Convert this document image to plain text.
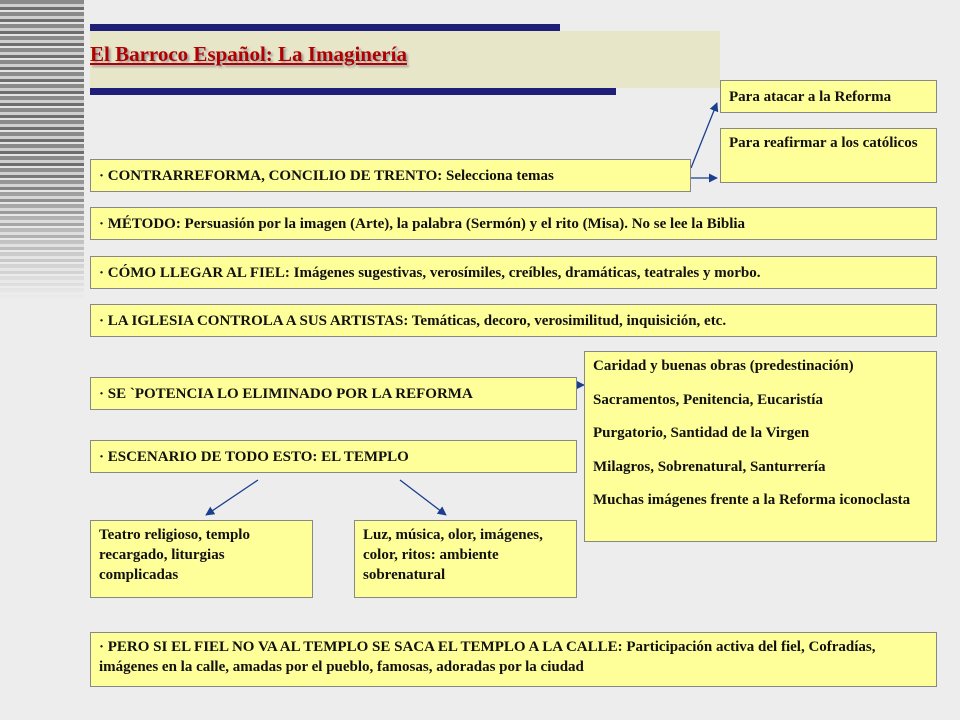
El Barroco Español: La Imaginería
· CONTRARREFORMA, CONCILIO DE TRENTO: Selecciona temas
Para atacar a la Reforma
Para reafirmar a los católicos
· MÉTODO: Persuasión por la imagen (Arte), la palabra (Sermón) y el rito (Misa). No se lee la Biblia
· CÓMO LLEGAR AL FIEL: Imágenes sugestivas, verosímiles, creíbles, dramáticas, teatrales y morbo.
· LA IGLESIA CONTROLA A SUS ARTISTAS: Temáticas, decoro, verosimilitud, inquisición, etc.
· SE `POTENCIA LO ELIMINADO POR LA REFORMA
Caridad y buenas obras (predestinación)
Sacramentos, Penitencia, Eucaristía
Purgatorio, Santidad de la Virgen
Milagros, Sobrenatural, Santurrería
Muchas imágenes frente a la Reforma iconoclasta
· ESCENARIO DE TODO ESTO: EL TEMPLO
Teatro religioso, templo recargado, liturgias complicadas
Luz, música, olor, imágenes, color, ritos: ambiente sobrenatural
· PERO SI EL FIEL NO VA AL TEMPLO SE SACA EL TEMPLO A LA CALLE: Participación activa del fiel, Cofradías, imágenes en la calle, amadas por el pueblo, famosas, adoradas por la ciudad
